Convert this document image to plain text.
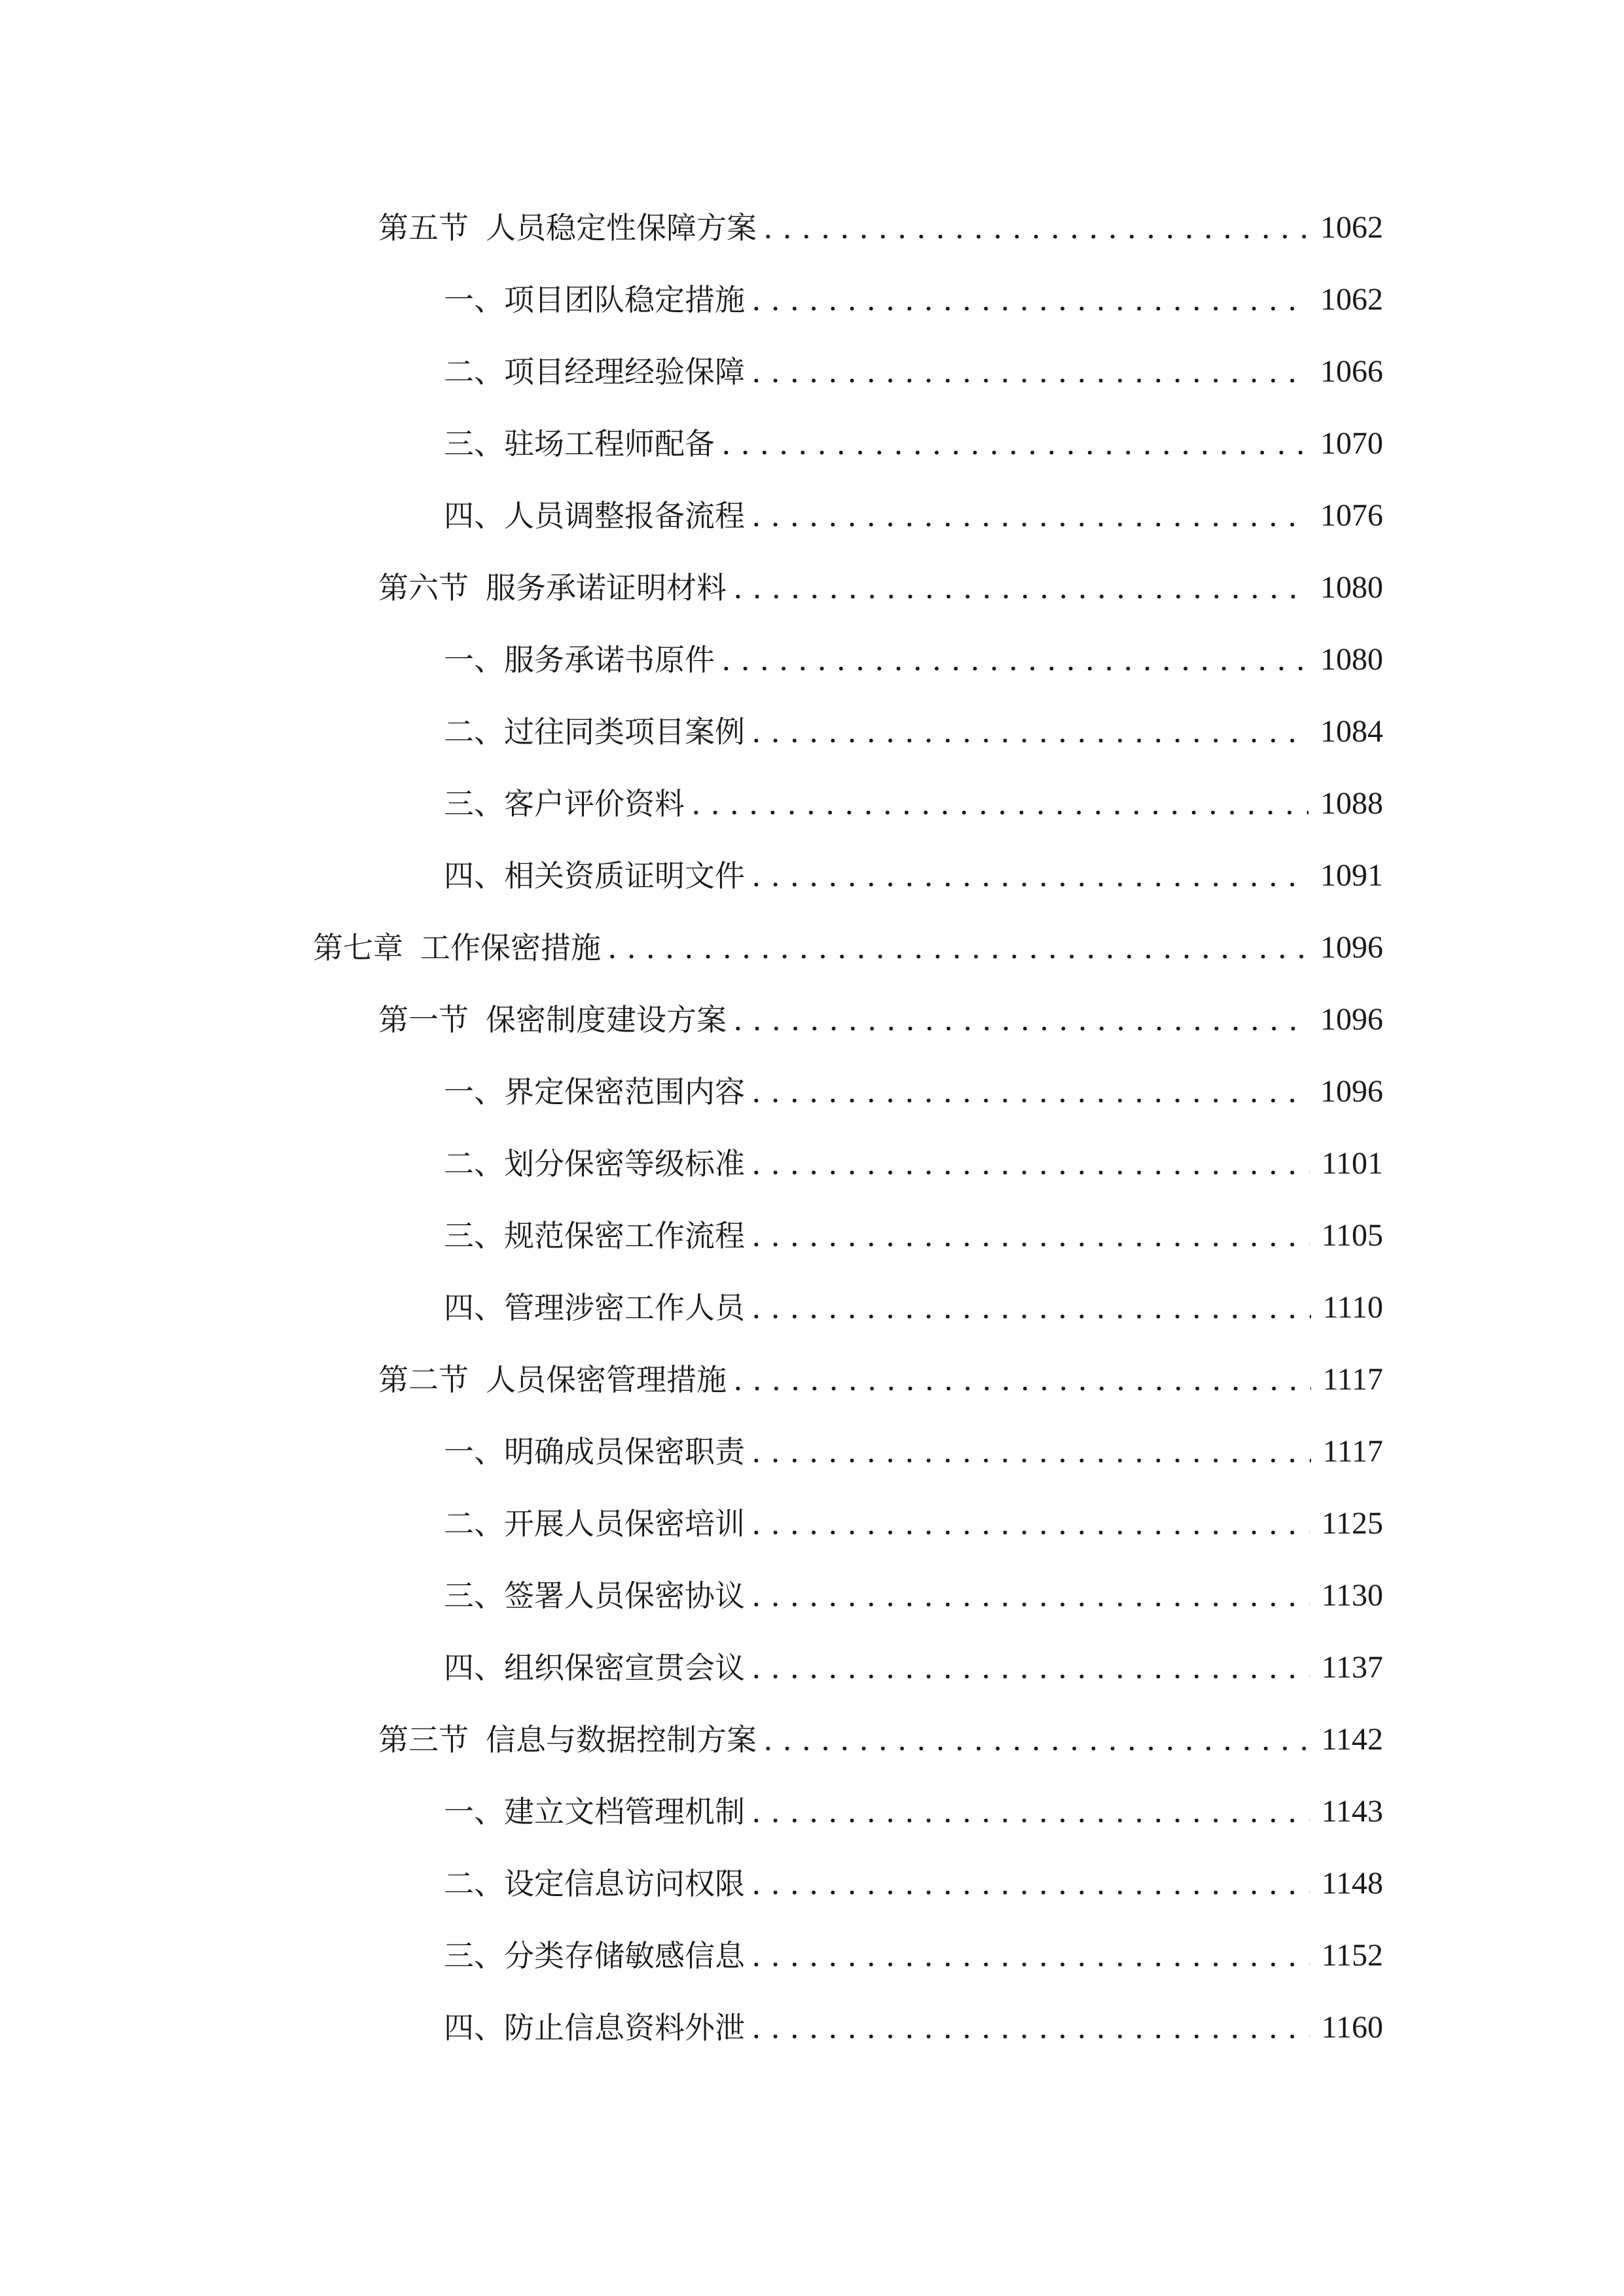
第五节 人员稳定性保障方案 . . .	1062
一、 项目团队稳定措施 . . .	1062
二、 项目经理经验保障 . . .	1066
三、 驻场工程师配备 . . .	1070
四、 人员调整报备流程 . . .	1076
第六节 服务承诺证明材料 . . .	1080
一、 服务承诺书原件 . . .	1080
二、 过往同类项目案例 . . .	1084
三、 客户评价资料 . . .	1088
四、 相关资质证明文件 . . .	1091
第七章 工作保密措施 . . .	1096
第一节 保密制度建设方案 . . .	1096
一、 界定保密范围内容 . . .	1096
二、 划分保密等级标准 . . .	1101
三、 规范保密工作流程 . . .	1105
四、 管理涉密工作人员 . . .	1110
第二节 人员保密管理措施 . . .	1117
一、 明确成员保密职责 . . .	1117
二、 开展人员保密培训 . . .	1125
三、 签署人员保密协议 . . .	1130
四、 组织保密宣贯会议 . . .	1137
第三节 信息与数据控制方案 . . .	1142
一、 建立文档管理机制 . . .	1143
二、 设定信息访问权限 . . .	1148
三、 分类存储敏感信息 . . .	1152
四、 防止信息资料外泄 . . .	1160
